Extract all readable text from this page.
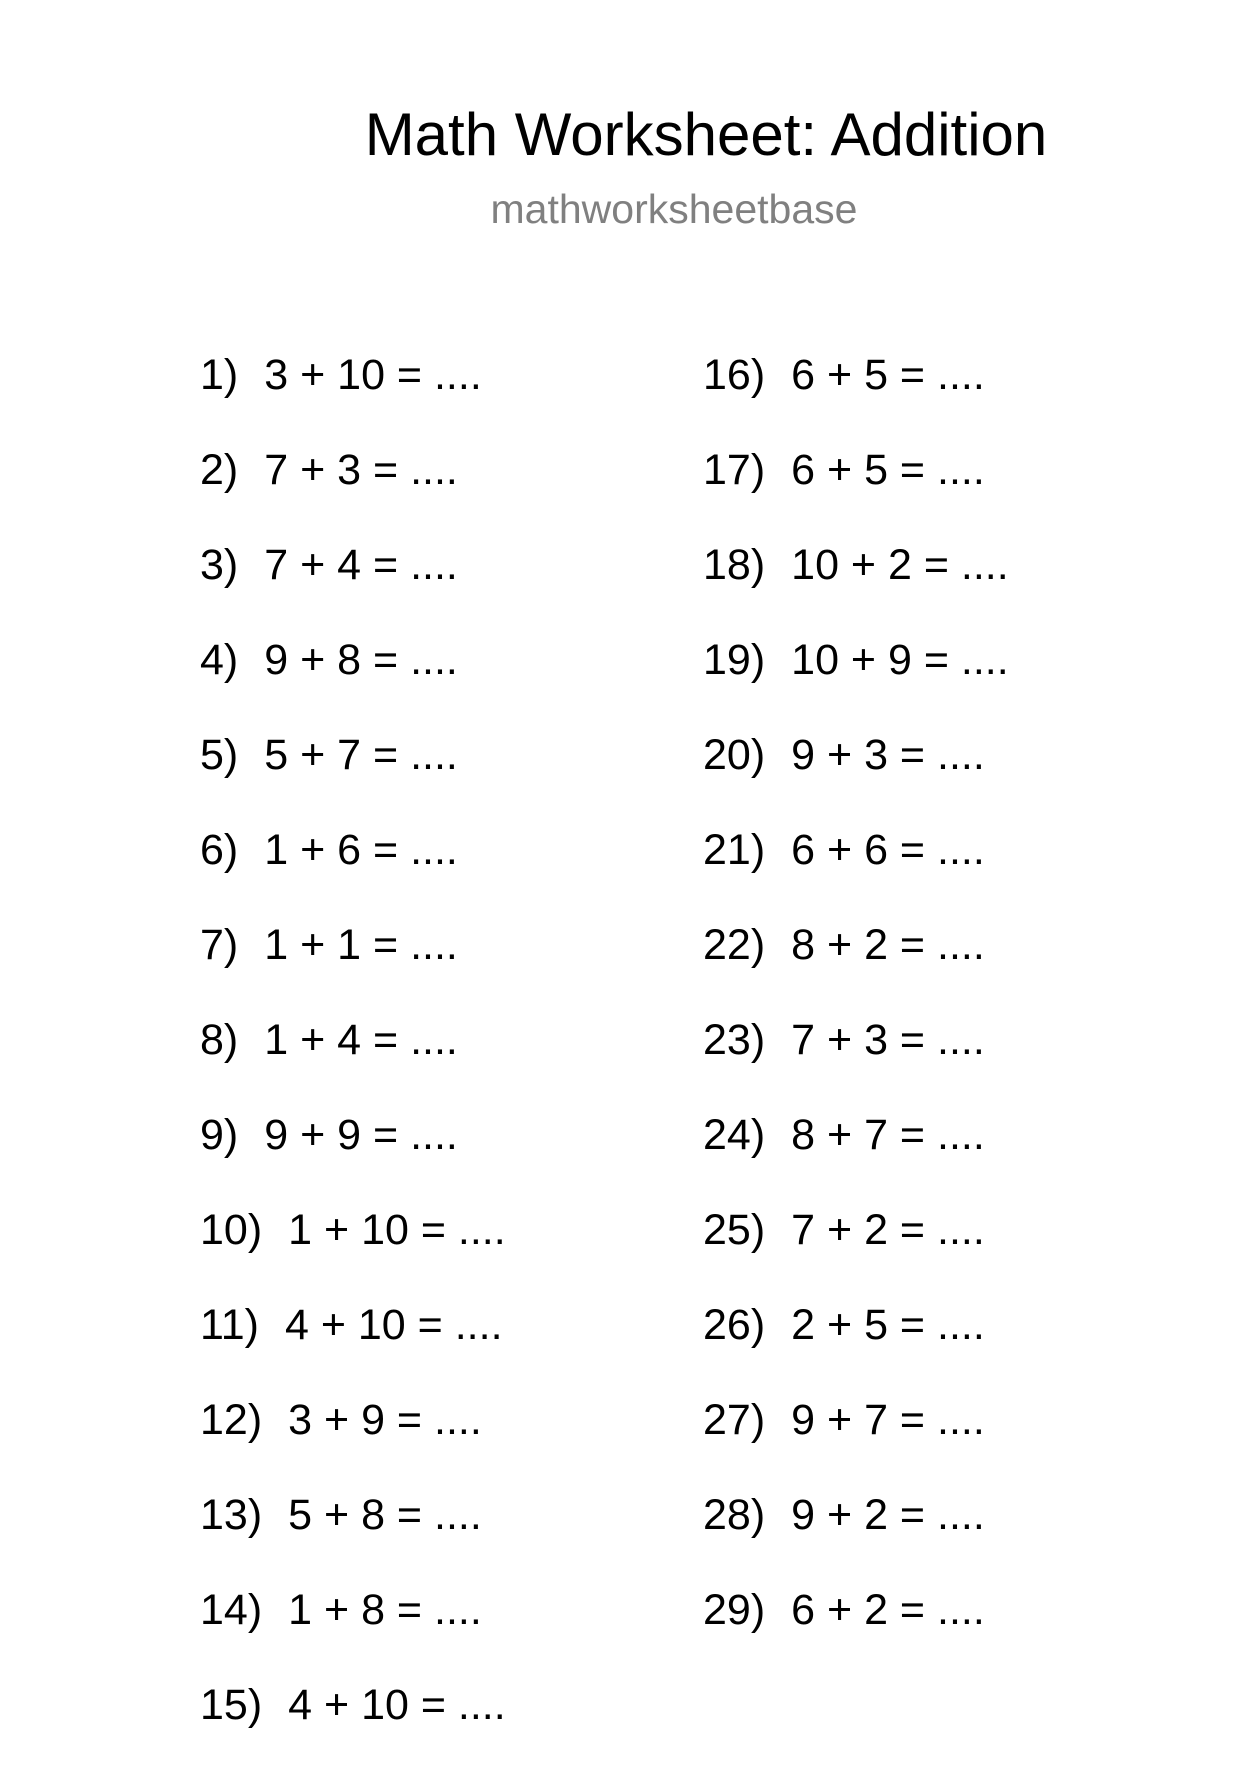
Math Worksheet: Addition
mathworksheetbase
1) 3 + 10 = ....
2) 7 + 3 = ....
3) 7 + 4 = ....
4) 9 + 8 = ....
5) 5 + 7 = ....
6) 1 + 6 = ....
7) 1 + 1 = ....
8) 1 + 4 = ....
9) 9 + 9 = ....
10) 1 + 10 = ....
11) 4 + 10 = ....
12) 3 + 9 = ....
13) 5 + 8 = ....
14) 1 + 8 = ....
15) 4 + 10 = ....
16) 6 + 5 = ....
17) 6 + 5 = ....
18) 10 + 2 = ....
19) 10 + 9 = ....
20) 9 + 3 = ....
21) 6 + 6 = ....
22) 8 + 2 = ....
23) 7 + 3 = ....
24) 8 + 7 = ....
25) 7 + 2 = ....
26) 2 + 5 = ....
27) 9 + 7 = ....
28) 9 + 2 = ....
29) 6 + 2 = ....
